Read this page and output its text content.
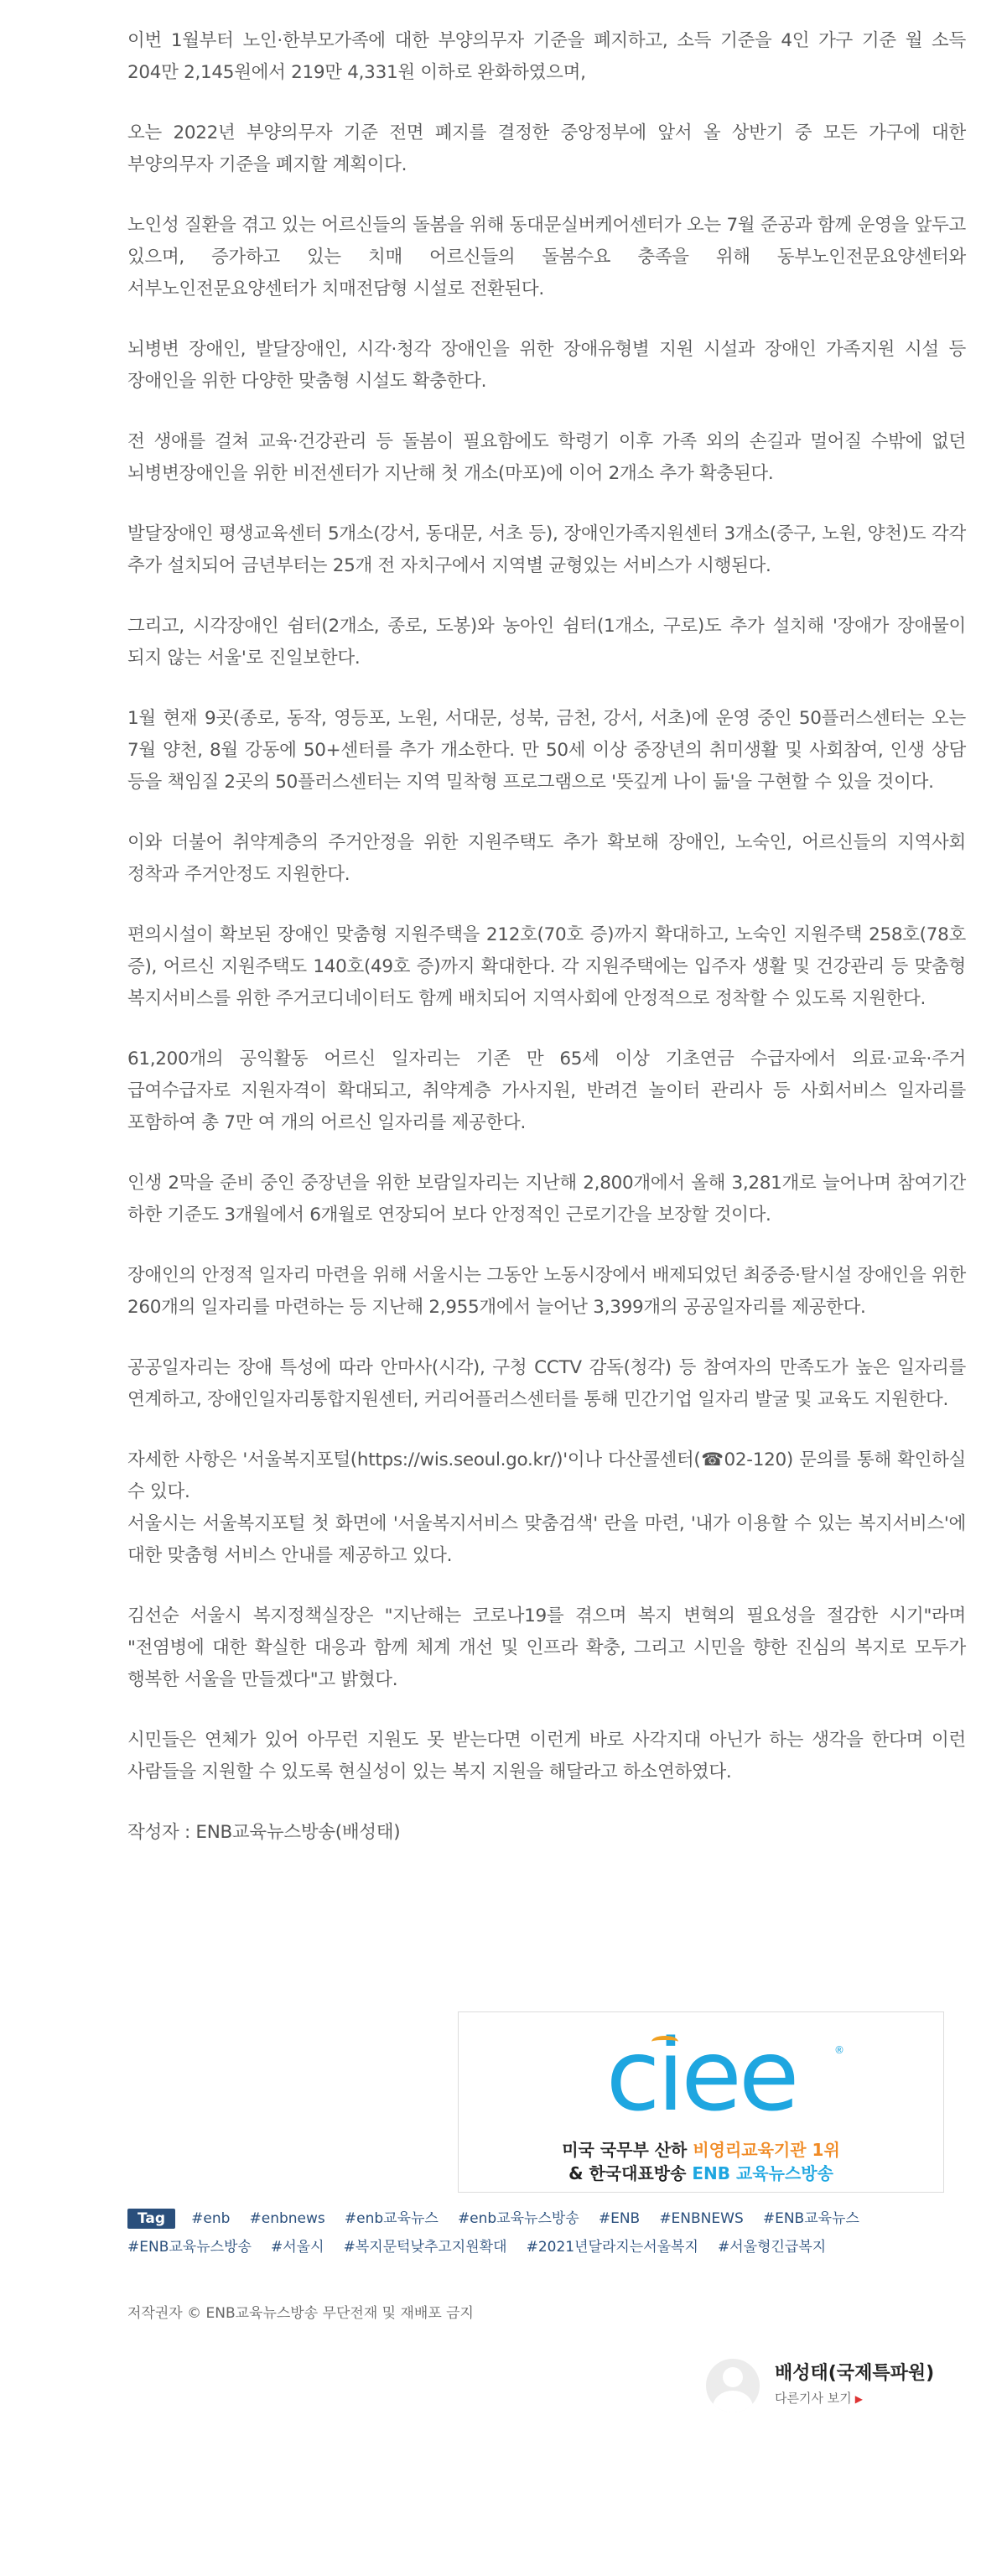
이번 1월부터 노인·한부모가족에 대한 부양의무자 기준을 폐지하고, 소득 기준을 4인 가구 기준 월 소득 204만 2,145원에서 219만 4,331원 이하로 완화하였으며,

오는 2022년 부양의무자 기준 전면 폐지를 결정한 중앙정부에 앞서 올 상반기 중 모든 가구에 대한 부양의무자 기준을 폐지할 계획이다.

노인성 질환을 겪고 있는 어르신들의 돌봄을 위해 동대문실버케어센터가 오는 7월 준공과 함께 운영을 앞두고 있으며, 증가하고 있는 치매 어르신들의 돌봄수요 충족을 위해 동부노인전문요양센터와 서부노인전문요양센터가 치매전담형 시설로 전환된다.

뇌병변 장애인, 발달장애인, 시각·청각 장애인을 위한 장애유형별 지원 시설과 장애인 가족지원 시설 등 장애인을 위한 다양한 맞춤형 시설도 확충한다.

전 생애를 걸쳐 교육·건강관리 등 돌봄이 필요함에도 학령기 이후 가족 외의 손길과 멀어질 수밖에 없던 뇌병변장애인을 위한 비전센터가 지난해 첫 개소(마포)에 이어 2개소 추가 확충된다.

발달장애인 평생교육센터 5개소(강서, 동대문, 서초 등), 장애인가족지원센터 3개소(중구, 노원, 양천)도 각각 추가 설치되어 금년부터는 25개 전 자치구에서 지역별 균형있는 서비스가 시행된다.

그리고, 시각장애인 쉼터(2개소, 종로, 도봉)와 농아인 쉼터(1개소, 구로)도 추가 설치해 '장애가 장애물이 되지 않는 서울'로 진일보한다.

1월 현재 9곳(종로, 동작, 영등포, 노원, 서대문, 성북, 금천, 강서, 서초)에 운영 중인 50플러스센터는 오는 7월 양천, 8월 강동에 50+센터를 추가 개소한다. 만 50세 이상 중장년의 취미생활 및 사회참여, 인생 상담 등을 책임질 2곳의 50플러스센터는 지역 밀착형 프로그램으로 '뜻깊게 나이 듦'을 구현할 수 있을 것이다.

이와 더불어 취약계층의 주거안정을 위한 지원주택도 추가 확보해 장애인, 노숙인, 어르신들의 지역사회 정착과 주거안정도 지원한다.

편의시설이 확보된 장애인 맞춤형 지원주택을 212호(70호 증)까지 확대하고, 노숙인 지원주택 258호(78호 증), 어르신 지원주택도 140호(49호 증)까지 확대한다. 각 지원주택에는 입주자 생활 및 건강관리 등 맞춤형 복지서비스를 위한 주거코디네이터도 함께 배치되어 지역사회에 안정적으로 정착할 수 있도록 지원한다.

61,200개의 공익활동 어르신 일자리는 기존 만 65세 이상 기초연금 수급자에서 의료·교육·주거 급여수급자로 지원자격이 확대되고, 취약계층 가사지원, 반려견 놀이터 관리사 등 사회서비스 일자리를 포함하여 총 7만 여 개의 어르신 일자리를 제공한다.

인생 2막을 준비 중인 중장년을 위한 보람일자리는 지난해 2,800개에서 올해 3,281개로 늘어나며 참여기간 하한 기준도 3개월에서 6개월로 연장되어 보다 안정적인 근로기간을 보장할 것이다.

장애인의 안정적 일자리 마련을 위해 서울시는 그동안 노동시장에서 배제되었던 최중증·탈시설 장애인을 위한 260개의 일자리를 마련하는 등 지난해 2,955개에서 늘어난 3,399개의 공공일자리를 제공한다.

공공일자리는 장애 특성에 따라 안마사(시각), 구청 CCTV 감독(청각) 등 참여자의 만족도가 높은 일자리를 연계하고, 장애인일자리통합지원센터, 커리어플러스센터를 통해 민간기업 일자리 발굴 및 교육도 지원한다.

자세한 사항은 '서울복지포털(https://wis.seoul.go.kr/)'이나 다산콜센터(☎02-120) 문의를 통해 확인하실 수 있다.

서울시는 서울복지포털 첫 화면에 '서울복지서비스 맞춤검색' 란을 마련, '내가 이용할 수 있는 복지서비스'에 대한 맞춤형 서비스 안내를 제공하고 있다.

김선순 서울시 복지정책실장은 "지난해는 코로나19를 겪으며 복지 변혁의 필요성을 절감한 시기"라며 "전염병에 대한 확실한 대응과 함께 체계 개선 및 인프라 확충, 그리고 시민을 향한 진심의 복지로 모두가 행복한 서울을 만들겠다"고 밝혔다.

시민들은 연체가 있어 아무런 지원도 못 받는다면 이런게 바로 사각지대 아닌가 하는 생각을 한다며 이런 사람들을 지원할 수 있도록 현실성이 있는 복지 지원을 해달라고 하소연하였다.

작성자 : ENB교육뉴스방송(배성태)

ciee	®
미국 국무부 산하 비영리교육기관 1위
& 한국대표방송 ENB 교육뉴스방송
Tag #enb #enbnews #enb교육뉴스 #enb교육뉴스방송 #ENB #ENBNEWS #ENB교육뉴스
#ENB교육뉴스방송 #서울시 #복지문턱낮추고지원확대 #2021년달라지는서울복지 #서울형긴급복지
저작권자 © ENB교육뉴스방송 무단전재 및 재배포 금지
배성태(국제특파원)
다른기사 보기 ▶
